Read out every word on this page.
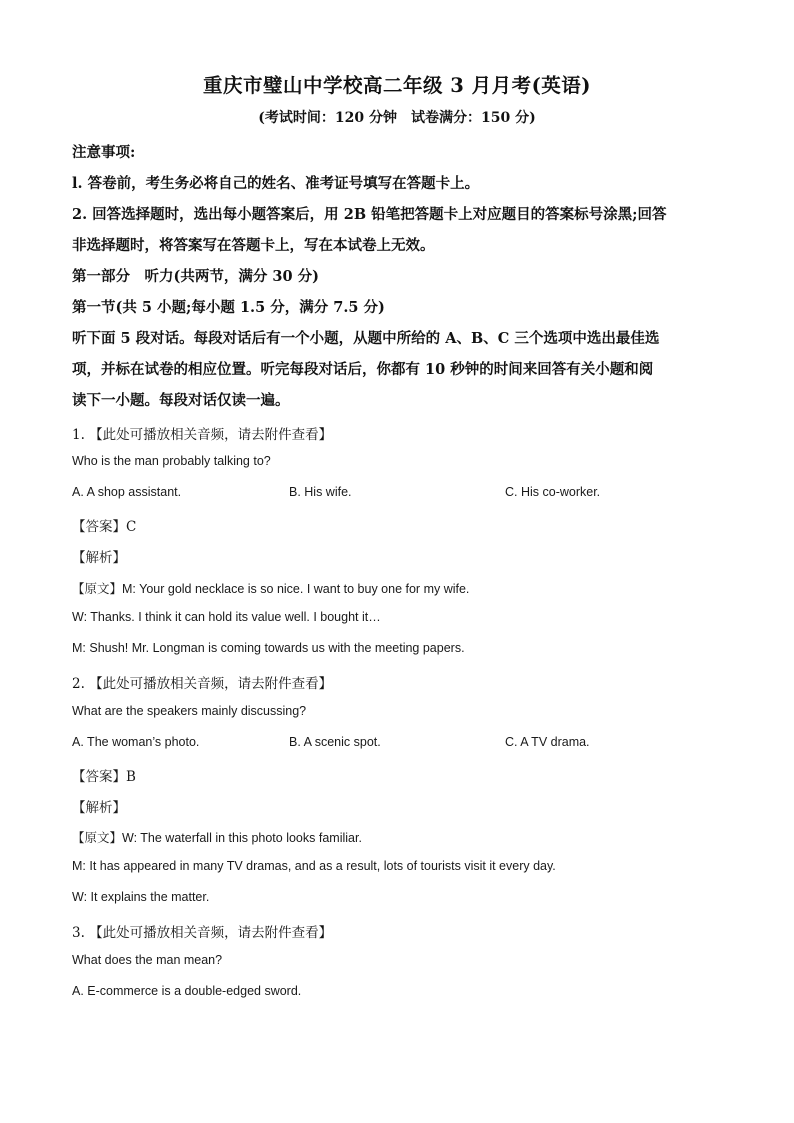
重庆市璧山中学校高二年级 3 月月考(英语)
(考试时间：120 分钟　试卷满分：150 分)
注意事项:
l. 答卷前，考生务必将自己的姓名、准考证号填写在答题卡上。
2. 回答选择题时，选出每小题答案后，用 2B 铅笔把答题卡上对应题目的答案标号涂黑;回答
非选择题时，将答案写在答题卡上，写在本试卷上无效。
第一部分　听力(共两节，满分 30 分)
第一节(共 5 小题;每小题 1.5 分，满分 7.5 分)
听下面 5 段对话。每段对话后有一个小题，从题中所给的 A、B、C 三个选项中选出最佳选
项，并标在试卷的相应位置。听完每段对话后，你都有 10 秒钟的时间来回答有关小题和阅
读下一小题。每段对话仅读一遍。
1. 【此处可播放相关音频，请去附件查看】
Who is the man probably talking to?
A. A shop assistant.	B. His wife.	C. His co-worker.
【答案】C
【解析】
【原文】M: Your gold necklace is so nice. I want to buy one for my wife.
W: Thanks. I think it can hold its value well. I bought it…
M: Shush! Mr. Longman is coming towards us with the meeting papers.
2. 【此处可播放相关音频，请去附件查看】
What are the speakers mainly discussing?
A. The woman’s photo.	B. A scenic spot.	C. A TV drama.
【答案】B
【解析】
【原文】W: The waterfall in this photo looks familiar.
M: It has appeared in many TV dramas, and as a result, lots of tourists visit it every day.
W: It explains the matter.
3. 【此处可播放相关音频，请去附件查看】
What does the man mean?
A. E-commerce is a double-edged sword.
